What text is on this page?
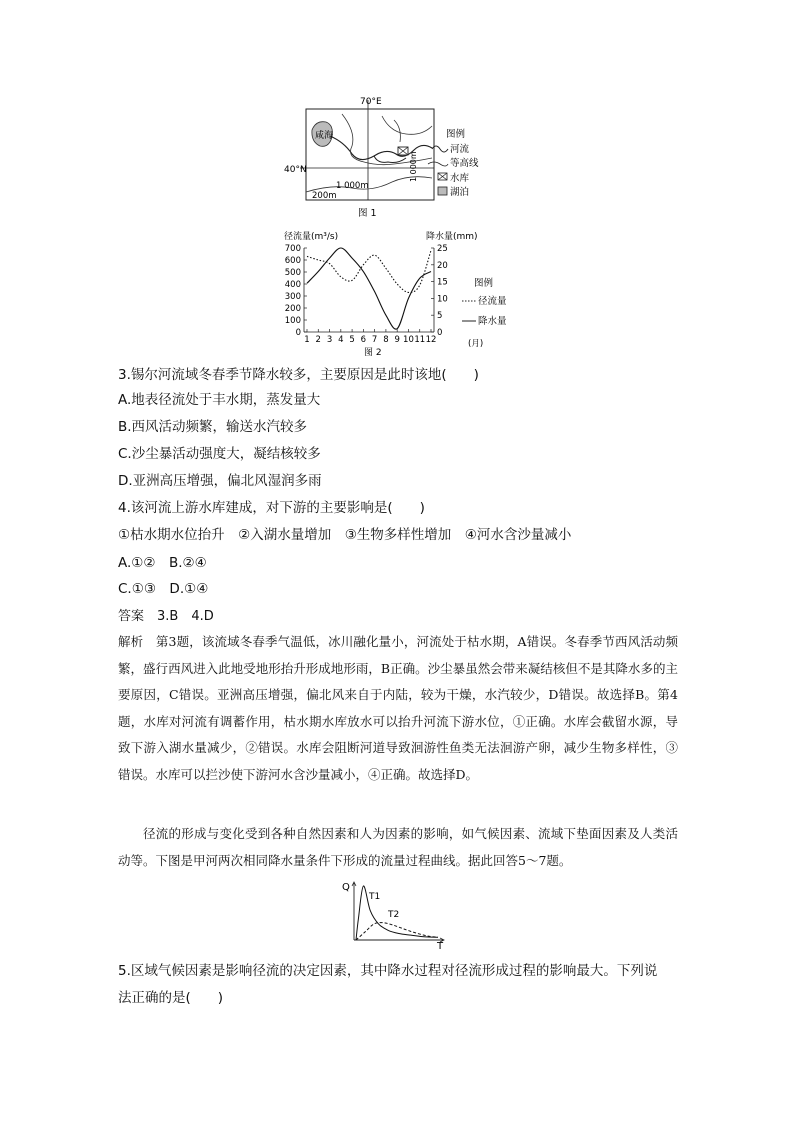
70°E
40°N
咸海
1 000m
200m
1 000m
图例
河流
等高线
水库
湖泊
图 1
径流量(m³/s)	降水量(mm)
(月)
图 2
图例
径流量
降水量
0
100
200
300
400
500
600
700
0
5
10
15
20
25
1 2 3 4 5 6 7 8 9 10 11 12
3.锡尔河流域冬春季节降水较多，主要原因是此时该地(　　)
A.地表径流处于丰水期，蒸发量大
B.西风活动频繁，输送水汽较多
C.沙尘暴活动强度大，凝结核较多
D.亚洲高压增强，偏北风湿润多雨
4.该河流上游水库建成，对下游的主要影响是(　　)
①枯水期水位抬升　②入湖水量增加　③生物多样性增加　④河水含沙量减小
A.①②　B.②④
C.①③　D.①④
答案　3.B　4.D
解析　第3题，该流域冬春季气温低，冰川融化量小，河流处于枯水期，A错误。冬春季节西风活动频繁，盛行西风进入此地受地形抬升形成地形雨，B正确。沙尘暴虽然会带来凝结核但不是其降水多的主要原因，C错误。亚洲高压增强，偏北风来自于内陆，较为干燥，水汽较少，D错误。故选择B。第4题，水库对河流有调蓄作用，枯水期水库放水可以抬升河流下游水位，①正确。水库会截留水源，导致下游入湖水量减少，②错误。水库会阻断河道导致洄游性鱼类无法洄游产卵，减少生物多样性，③错误。水库可以拦沙使下游河水含沙量减小，④正确。故选择D。
径流的形成与变化受到各种自然因素和人为因素的影响，如气候因素、流域下垫面因素及人类活动等。下图是甲河两次相同降水量条件下形成的流量过程曲线。据此回答5～7题。
Q
T
T1
T2
5.区域气候因素是影响径流的决定因素，其中降水过程对径流形成过程的影响最大。下列说
法正确的是(　　)
